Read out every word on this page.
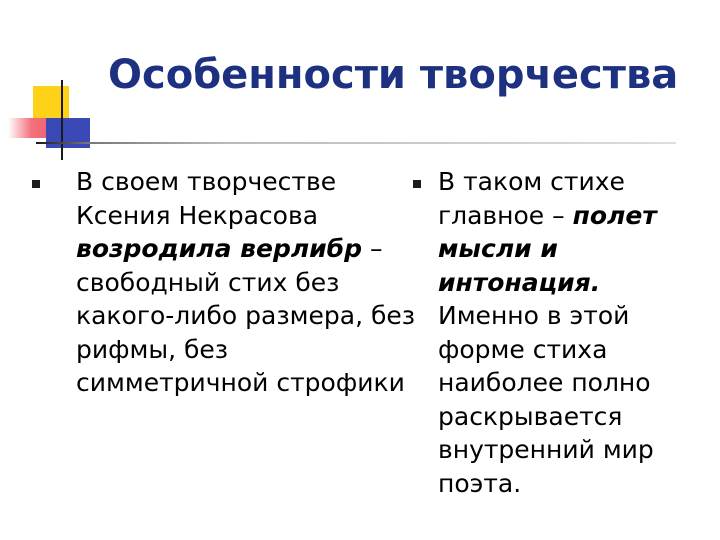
Особенности творчества
В своем творчестве
Ксения Некрасова
возродила верлибр –
свободный стих без
какого-либо размера, без
рифмы, без
симметричной строфики
В таком стихе
главное – полет
мысли и
интонация.
Именно в этой
форме стиха
наиболее полно
раскрывается
внутренний мир
поэта.
